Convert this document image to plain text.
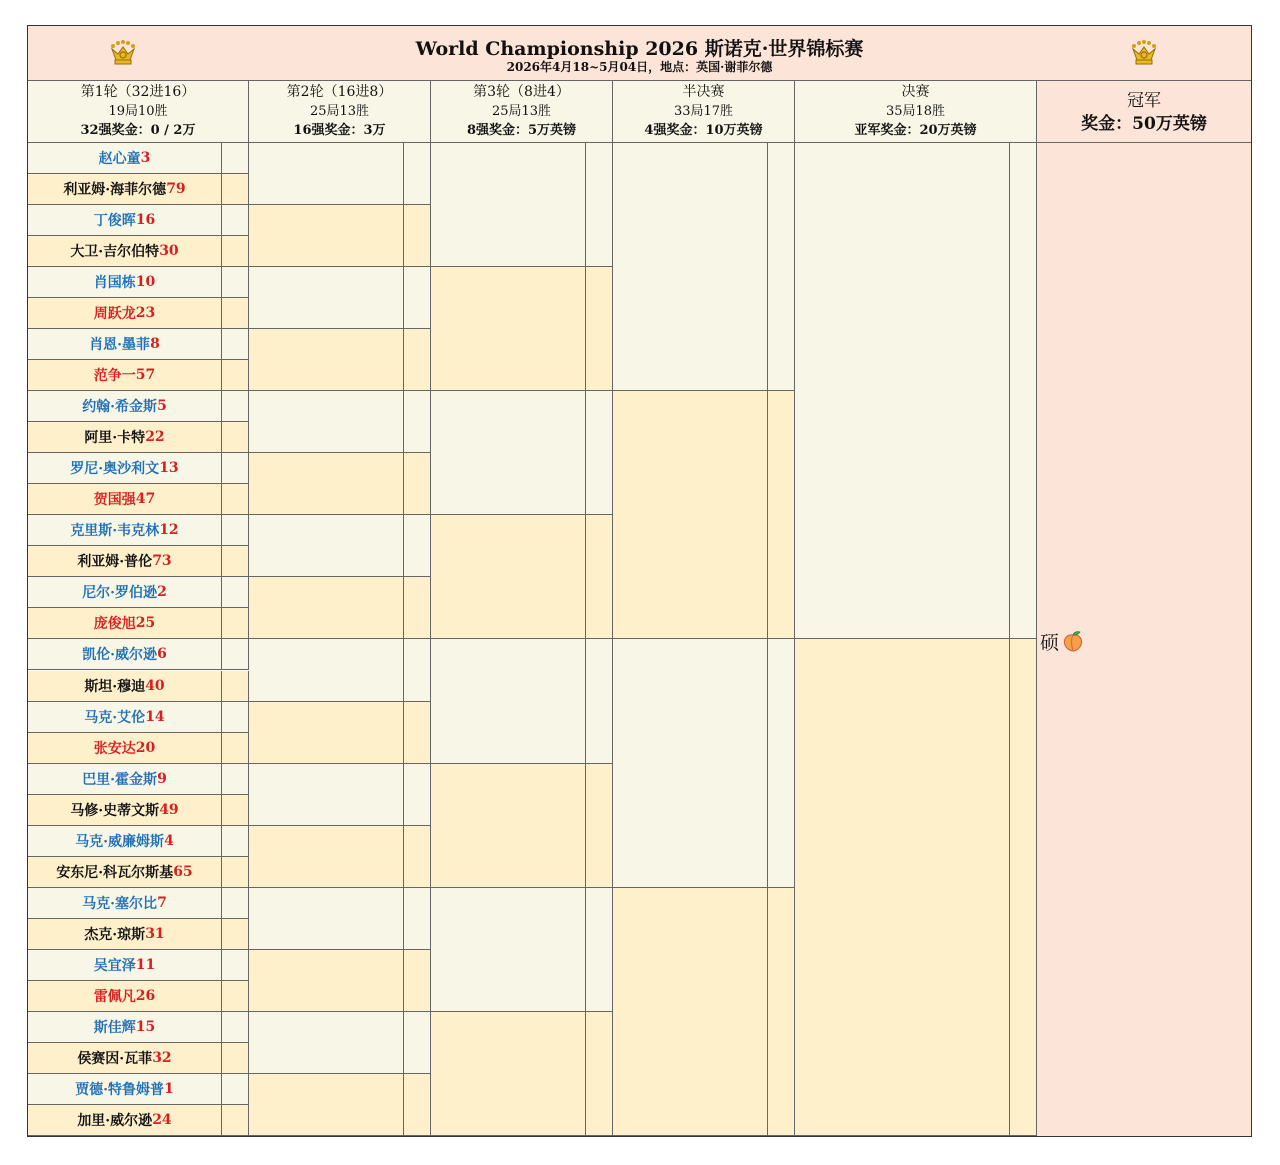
World Championship 2026 斯诺克·世界锦标赛
2026年4月18~5月04日，地点：英国·谢菲尔德
第1轮（32进16）
19局10胜
32强奖金：0 / 2万
第2轮（16进8）
25局13胜
16强奖金：3万
第3轮（8进4）
25局13胜
8强奖金：5万英镑
半决赛
33局17胜
4强奖金：10万英镑
决赛
35局18胜
亚军奖金：20万英镑
冠军
奖金：50万英镑
赵心童 3
利亚姆·海菲尔德 79
丁俊晖 16
大卫·吉尔伯特 30
肖国栋 10
周跃龙 23
肖恩·墨菲 8
范争一 57
约翰·希金斯 5
阿里·卡特 22
罗尼·奥沙利文 13
贺国强 47
克里斯·韦克林 12
利亚姆·普伦 73
尼尔·罗伯逊 2
庞俊旭 25
凯伦·威尔逊 6
斯坦·穆迪 40
马克·艾伦 14
张安达 20
巴里·霍金斯 9
马修·史蒂文斯 49
马克·威廉姆斯 4
安东尼·科瓦尔斯基 65
马克·塞尔比 7
杰克·琼斯 31
吴宜泽 11
雷佩凡 26
斯佳辉 15
侯赛因·瓦菲 32
贾德·特鲁姆普 1
加里·威尔逊 24
硕
